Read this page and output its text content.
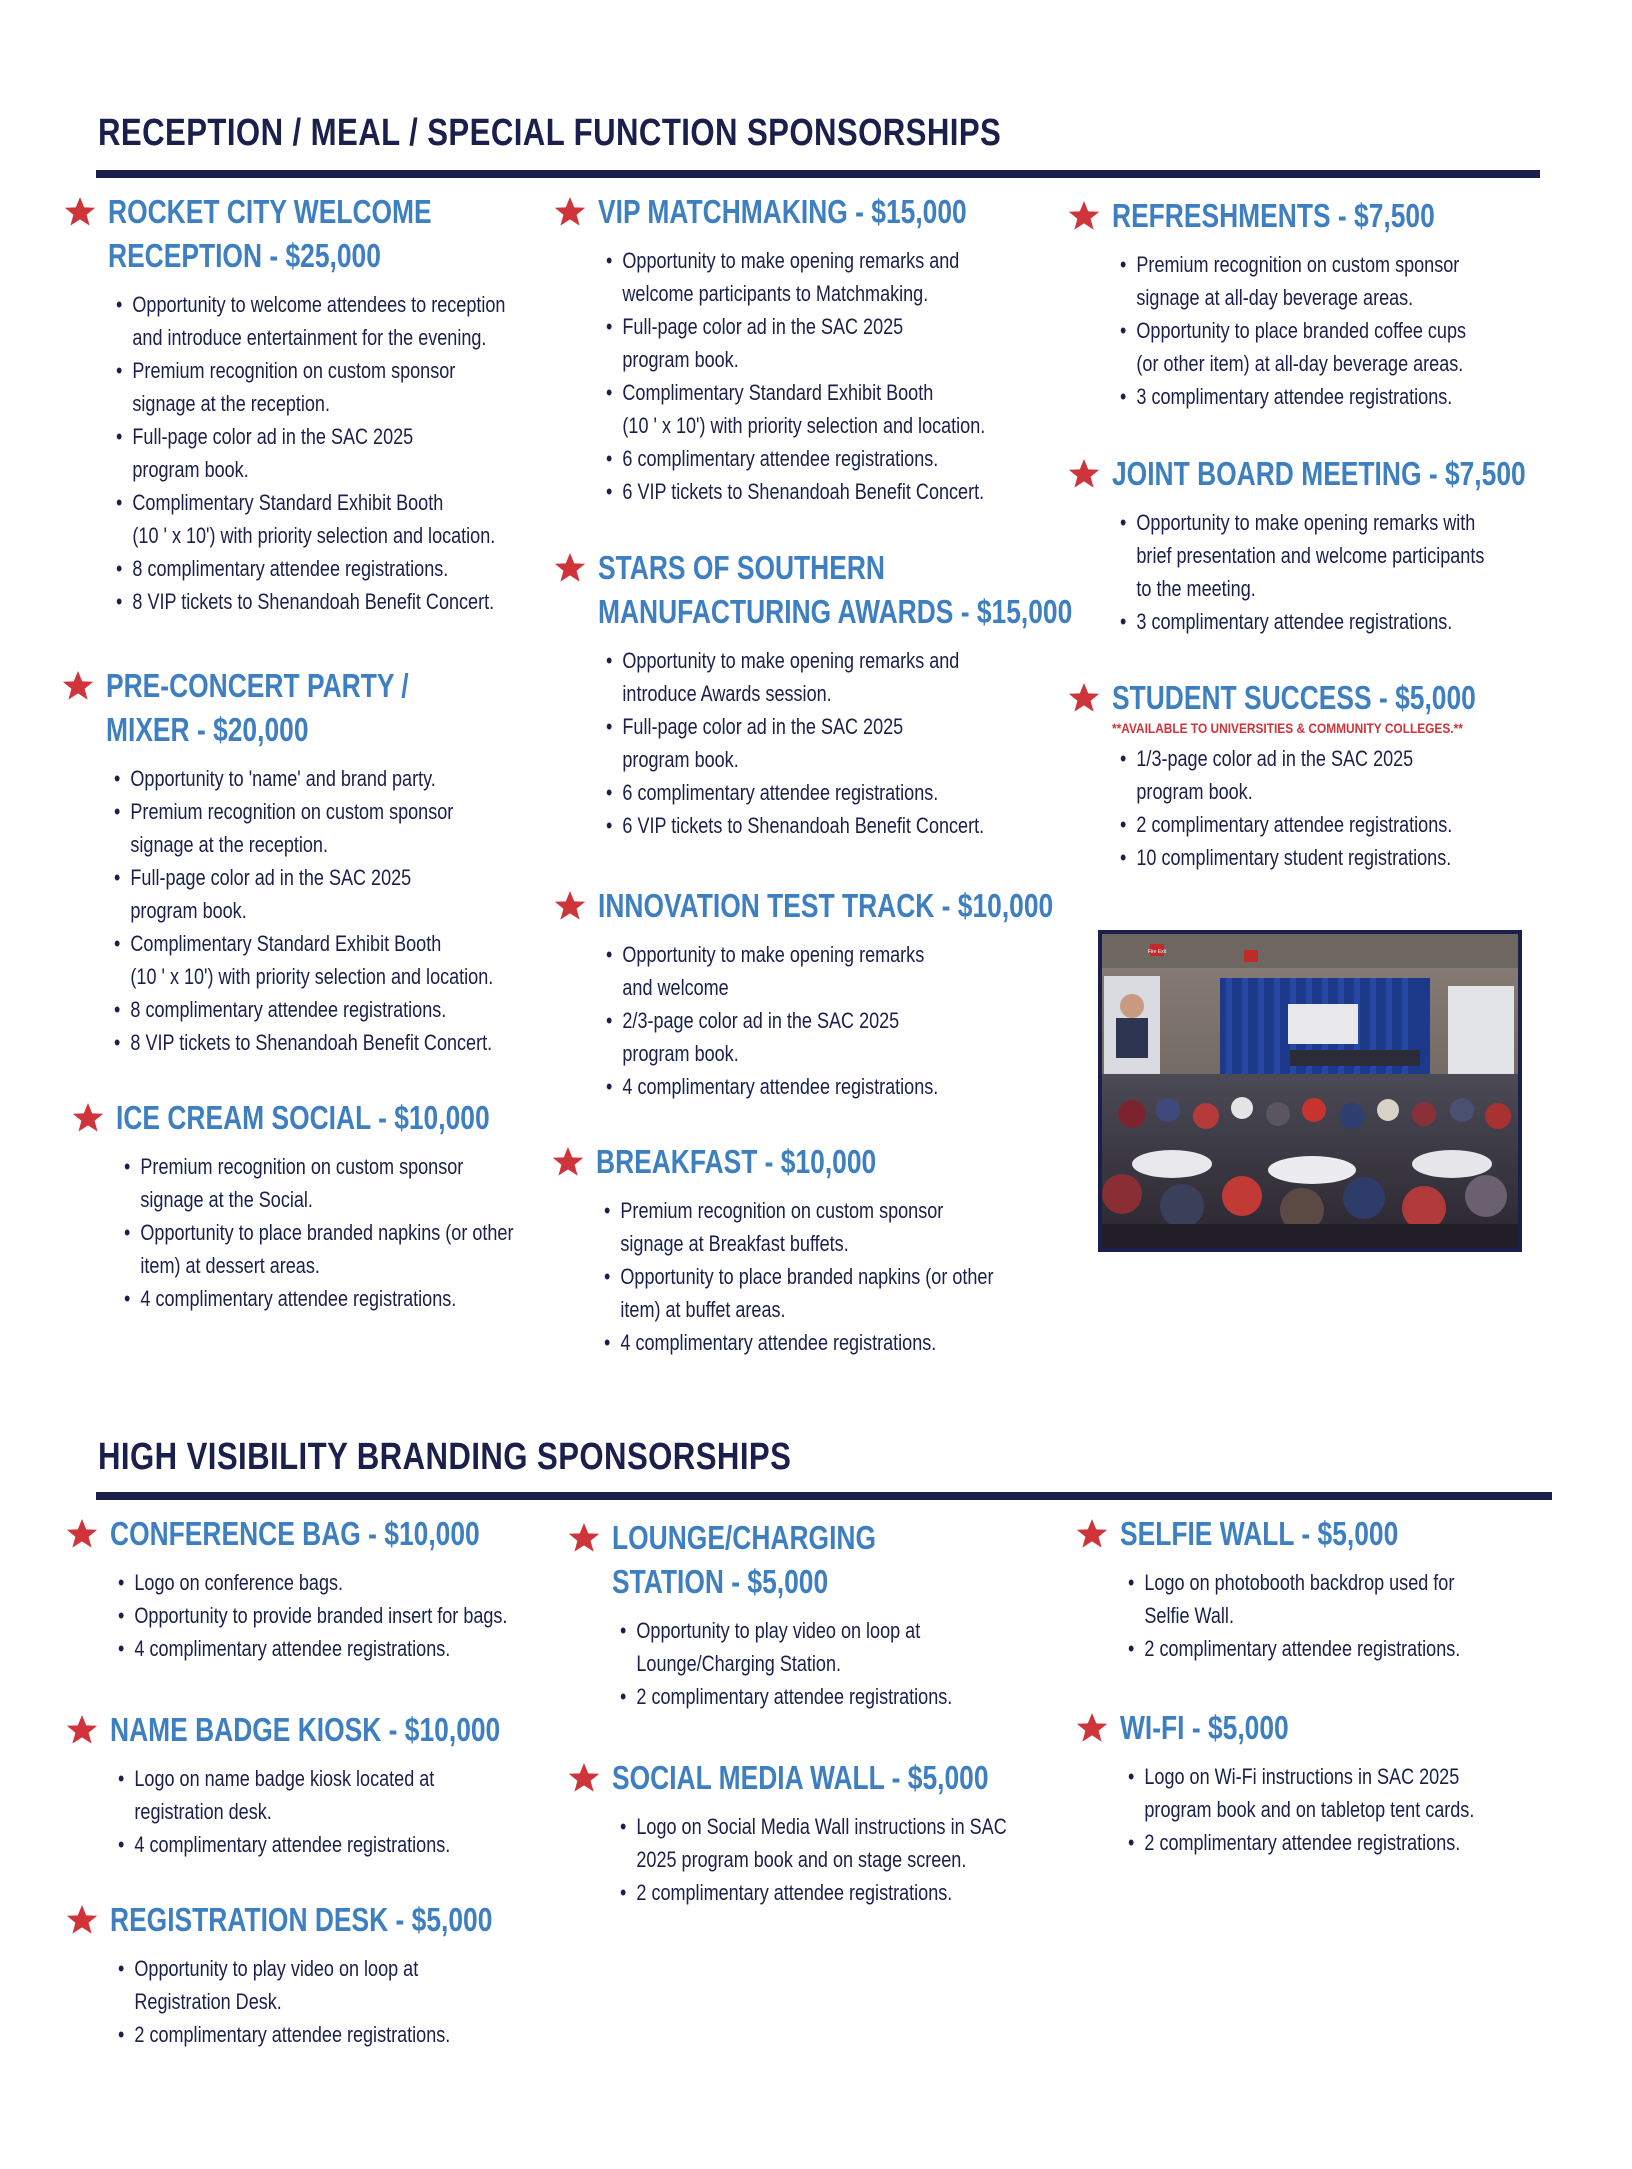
RECEPTION / MEAL / SPECIAL FUNCTION SPONSORSHIPS
HIGH VISIBILITY BRANDING SPONSORSHIPS
ROCKET CITY WELCOME
RECEPTION - $25,000
• Opportunity to welcome attendees to reception
and introduce entertainment for the evening.
• Premium recognition on custom sponsor
signage at the reception.
• Full-page color ad in the SAC 2025
program book.
• Complimentary Standard Exhibit Booth
(10 ' x 10') with priority selection and location.
• 8 complimentary attendee registrations.
• 8 VIP tickets to Shenandoah Benefit Concert.
PRE-CONCERT PARTY /
MIXER - $20,000
• Opportunity to 'name' and brand party.
• Premium recognition on custom sponsor
signage at the reception.
• Full-page color ad in the SAC 2025
program book.
• Complimentary Standard Exhibit Booth
(10 ' x 10') with priority selection and location.
• 8 complimentary attendee registrations.
• 8 VIP tickets to Shenandoah Benefit Concert.
ICE CREAM SOCIAL - $10,000
• Premium recognition on custom sponsor
signage at the Social.
• Opportunity to place branded napkins (or other
item) at dessert areas.
• 4 complimentary attendee registrations.
VIP MATCHMAKING - $15,000
• Opportunity to make opening remarks and
welcome participants to Matchmaking.
• Full-page color ad in the SAC 2025
program book.
• Complimentary Standard Exhibit Booth
(10 ' x 10') with priority selection and location.
• 6 complimentary attendee registrations.
• 6 VIP tickets to Shenandoah Benefit Concert.
STARS OF SOUTHERN
MANUFACTURING AWARDS - $15,000
• Opportunity to make opening remarks and
introduce Awards session.
• Full-page color ad in the SAC 2025
program book.
• 6 complimentary attendee registrations.
• 6 VIP tickets to Shenandoah Benefit Concert.
INNOVATION TEST TRACK - $10,000
• Opportunity to make opening remarks
and welcome
• 2/3-page color ad in the SAC 2025
program book.
• 4 complimentary attendee registrations.
BREAKFAST - $10,000
• Premium recognition on custom sponsor
signage at Breakfast buffets.
• Opportunity to place branded napkins (or other
item) at buffet areas.
• 4 complimentary attendee registrations.
REFRESHMENTS - $7,500
• Premium recognition on custom sponsor
signage at all-day beverage areas.
• Opportunity to place branded coffee cups
(or other item) at all-day beverage areas.
• 3 complimentary attendee registrations.
JOINT BOARD MEETING - $7,500
• Opportunity to make opening remarks with
brief presentation and welcome participants
to the meeting.
• 3 complimentary attendee registrations.
STUDENT SUCCESS - $5,000
**AVAILABLE TO UNIVERSITIES & COMMUNITY COLLEGES.**
• 1/3-page color ad in the SAC 2025
program book.
• 2 complimentary attendee registrations.
• 10 complimentary student registrations.
CONFERENCE BAG - $10,000
• Logo on conference bags.
• Opportunity to provide branded insert for bags.
• 4 complimentary attendee registrations.
NAME BADGE KIOSK - $10,000
• Logo on name badge kiosk located at
registration desk.
• 4 complimentary attendee registrations.
REGISTRATION DESK - $5,000
• Opportunity to play video on loop at
Registration Desk.
• 2 complimentary attendee registrations.
LOUNGE/CHARGING
STATION - $5,000
• Opportunity to play video on loop at
Lounge/Charging Station.
• 2 complimentary attendee registrations.
SOCIAL MEDIA WALL - $5,000
• Logo on Social Media Wall instructions in SAC
2025 program book and on stage screen.
• 2 complimentary attendee registrations.
SELFIE WALL - $5,000
• Logo on photobooth backdrop used for
Selfie Wall.
• 2 complimentary attendee registrations.
WI-FI - $5,000
• Logo on Wi-Fi instructions in SAC 2025
program book and on tabletop tent cards.
• 2 complimentary attendee registrations.
Fire Exit
